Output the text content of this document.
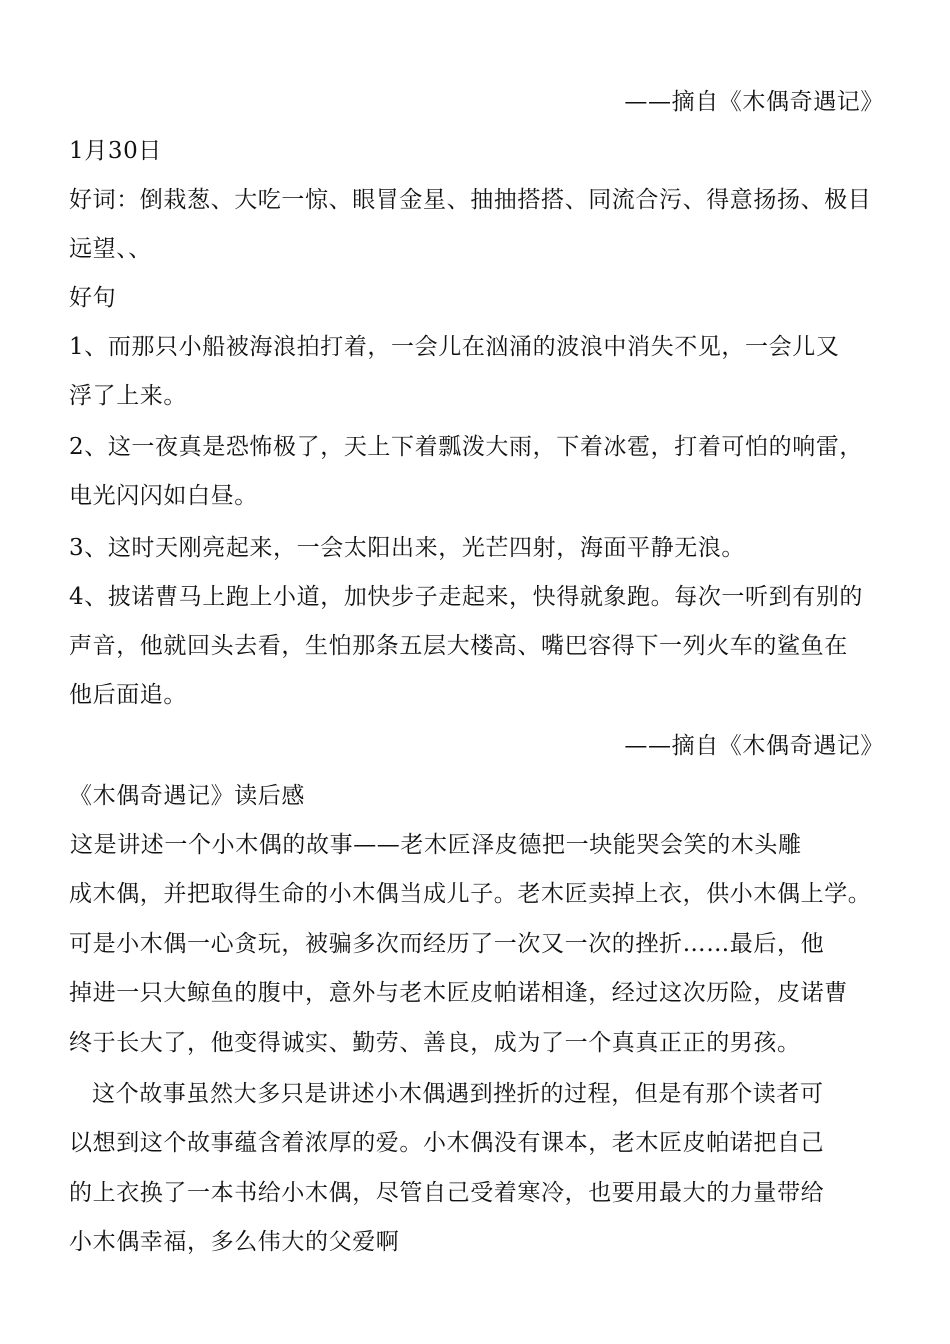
——摘自《木偶奇遇记》
1月30日
好词：倒栽葱、大吃一惊、眼冒金星、抽抽搭搭、同流合污、得意扬扬、极目
远望、、
好句
1、而那只小船被海浪拍打着，一会儿在汹涌的波浪中消失不见，一会儿又
浮了上来。
2、这一夜真是恐怖极了，天上下着瓢泼大雨，下着冰雹，打着可怕的响雷，
电光闪闪如白昼。
3、这时天刚亮起来，一会太阳出来，光芒四射，海面平静无浪。
4、披诺曹马上跑上小道，加快步子走起来，快得就象跑。每次一听到有别的
声音，他就回头去看，生怕那条五层大楼高、嘴巴容得下一列火车的鲨鱼在
他后面追。
——摘自《木偶奇遇记》
《木偶奇遇记》读后感
这是讲述一个小木偶的故事——老木匠泽皮德把一块能哭会笑的木头雕
成木偶，并把取得生命的小木偶当成儿子。老木匠卖掉上衣，供小木偶上学。
可是小木偶一心贪玩，被骗多次而经历了一次又一次的挫折……最后，他
掉进一只大鲸鱼的腹中，意外与老木匠皮帕诺相逢，经过这次历险，皮诺曹
终于长大了，他变得诚实、勤劳、善良，成为了一个真真正正的男孩。
这个故事虽然大多只是讲述小木偶遇到挫折的过程，但是有那个读者可
以想到这个故事蕴含着浓厚的爱。小木偶没有课本，老木匠皮帕诺把自己
的上衣换了一本书给小木偶，尽管自己受着寒冷，也要用最大的力量带给
小木偶幸福，多么伟大的父爱啊
